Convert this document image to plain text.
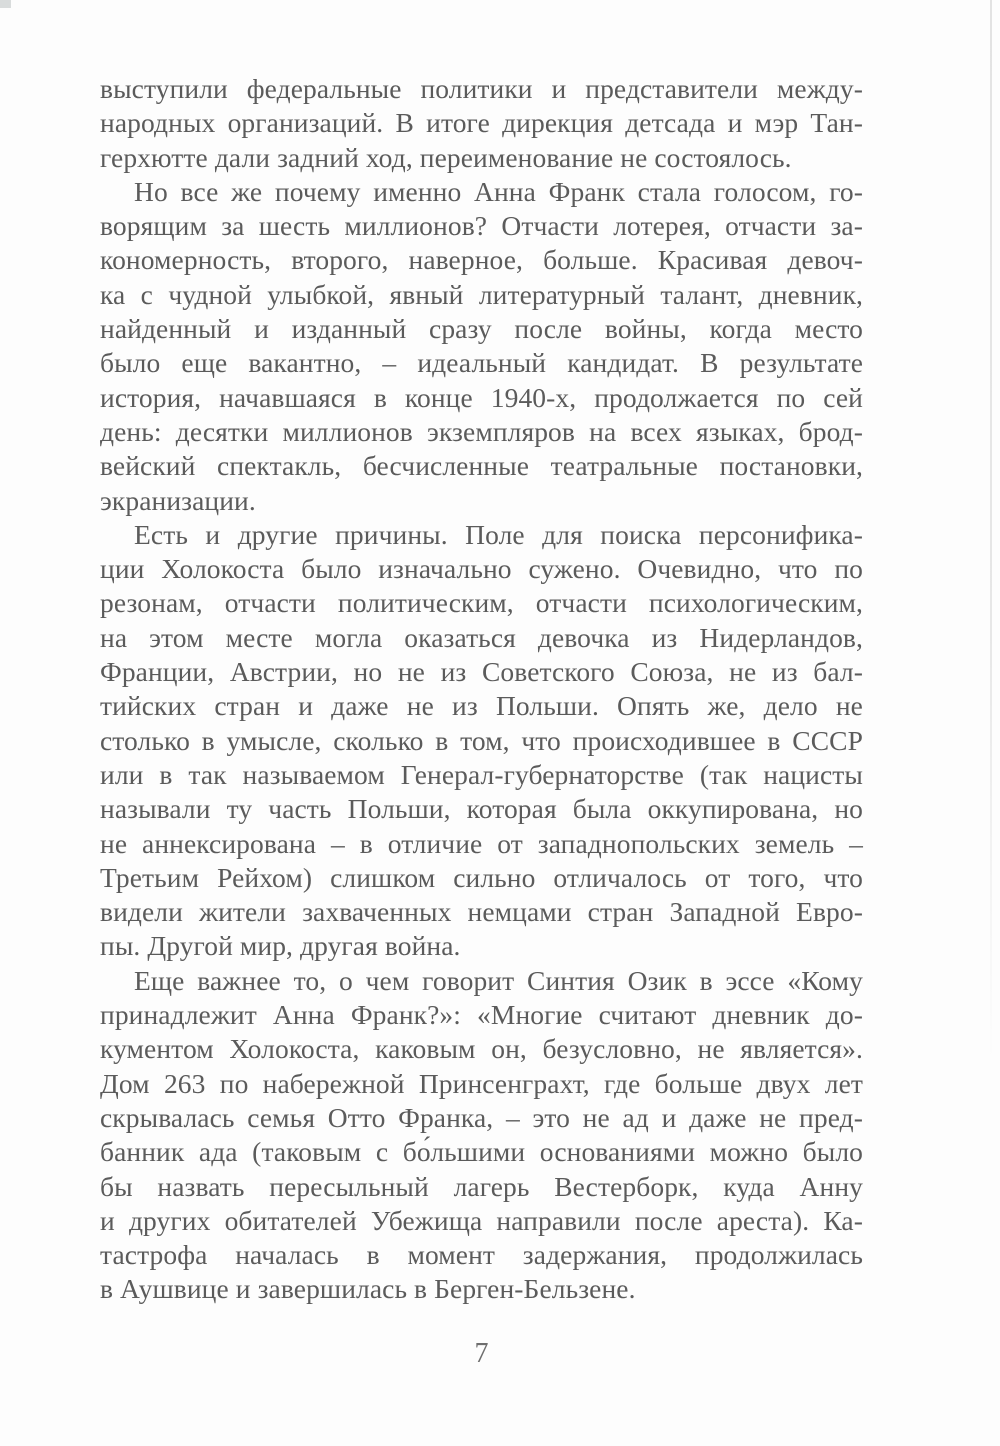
выступили федеральные политики и представители между-
народных организаций. В итоге дирекция детсада и мэр Тан-
герхютте дали задний ход, переименование не состоялось.
Но все же почему именно Анна Франк стала голосом, го-
ворящим за шесть миллионов? Отчасти лотерея, отчасти за-
кономерность, второго, наверное, больше. Красивая девоч-
ка с чудной улыбкой, явный литературный талант, дневник,
найденный и изданный сразу после войны, когда место
было еще вакантно, – идеальный кандидат. В результате
история, начавшаяся в конце 1940-х, продолжается по сей
день: десятки миллионов экземпляров на всех языках, брод-
вейский спектакль, бесчисленные театральные постановки,
экранизации.
Есть и другие причины. Поле для поиска персонифика-
ции Холокоста было изначально сужено. Очевидно, что по
резонам, отчасти политическим, отчасти психологическим,
на этом месте могла оказаться девочка из Нидерландов,
Франции, Австрии, но не из Советского Союза, не из бал-
тийских стран и даже не из Польши. Опять же, дело не
столько в умысле, сколько в том, что происходившее в СССР
или в так называемом Генерал-губернаторстве (так нацисты
называли ту часть Польши, которая была оккупирована, но
не аннексирована – в отличие от западнопольских земель –
Третьим Рейхом) слишком сильно отличалось от того, что
видели жители захваченных немцами стран Западной Евро-
пы. Другой мир, другая война.
Еще важнее то, о чем говорит Синтия Озик в эссе «Кому
принадлежит Анна Франк?»: «Многие считают дневник до-
кументом Холокоста, каковым он, безусловно, не является».
Дом 263 по набережной Принсенграхт, где больше двух лет
скрывалась семья Отто Франка, – это не ад и даже не пред-
банник ада (таковым с бо́льшими основаниями можно было
бы назвать пересыльный лагерь Вестерборк, куда Анну
и других обитателей Убежища направили после ареста). Ка-
тастрофа началась в момент задержания, продолжилась
в Аушвице и завершилась в Берген-Бельзене.
7
